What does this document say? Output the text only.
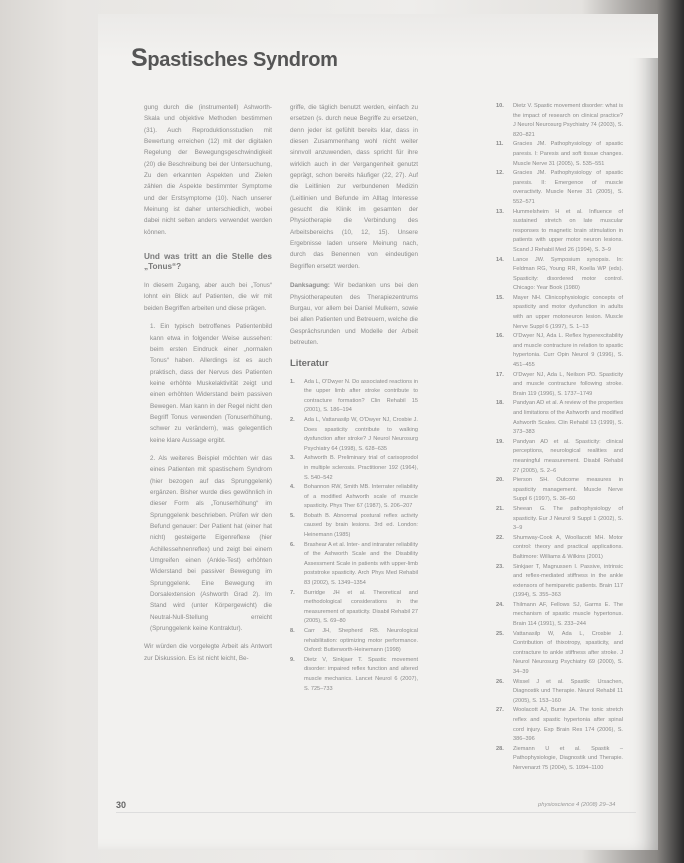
Spastisches Syndrom

gung durch die (instrumentell) Ashworth-Skala und objektive Methoden bestimmen (31). Auch Reproduktionsstudien mit Bewertung erreichen (12) mit der digitalen Regelung der Bewegungsgeschwindigkeit (20) die Beschreibung bei der Untersuchung, Zu den erkannten Aspekten und Zielen zählen die Aspekte bestimmter Symptome und der Erstsymptome (10). Nach unserer Meinung ist daher unterschiedlich, wobei dabei nicht selten anders verwendet werden können.

Und was tritt an die Stelle des „Tonus“?

In diesem Zugang, aber auch bei „Tonus“ lohnt ein Blick auf Patienten, die wir mit beiden Begriffen arbeiten und diese prägen.

1. Ein typisch betroffenes Patientenbild kann etwa in folgender Weise aussehen: beim ersten Eindruck einer „normalen Tonus“ haben. Allerdings ist es auch praktisch, dass der Nervus des Patienten keine erhöhte Muskelaktivität zeigt und einen erhöhten Widerstand beim passiven Bewegen. Man kann in der Regel nicht den Begriff Tonus verwenden (Tonuserhöhung, schwer zu verändern), was gelegentlich keine klare Aussage ergibt.

2. Als weiteres Beispiel möchten wir das eines Patienten mit spastischem Syndrom (hier bezogen auf das Sprunggelenk) ergänzen. Bisher wurde dies gewöhnlich in dieser Form als „Tonuserhöhung“ im Sprunggelenk beschrieben. Prüfen wir den Befund genauer: Der Patient hat (einer hat nicht) gesteigerte Eigenreflexe (hier Achillessehnenreflex) und zeigt bei einem Umgreifen einen (Ankle-Test) erhöhten Widerstand bei passiver Bewegung im Sprunggelenk. Eine Bewegung im Dorsalextension (Ashworth Grad 2). Im Stand wird (unter Körpergewicht) die Neutral-Null-Stellung erreicht (Sprunggelenk keine Kontraktur).

Wir würden die vorgelegte Arbeit als Antwort zur Diskussion. Es ist nicht leicht, Be-

griffe, die täglich benutzt werden, einfach zu ersetzen (s. durch neue Begriffe zu ersetzen, denn jeder ist gefühlt bereits klar, dass in diesen Zusammenhang wohl nicht weiter sinnvoll anzuwenden, dass spricht für ihre wirklich auch in der Vergangenheit genutzt geprägt, schon bereits häufiger (22, 27). Auf die Leitlinien zur verbundenen Medizin (Leitlinien und Befunde im Alltag Interesse gesucht die Klinik im gesamten der Physiotherapie die Verbindung des Arbeitsbereichs (10, 12, 15). Unsere Ergebnisse laden unsere Meinung nach, durch das Benennen von eindeutigen Begriffen ersetzt werden.

Danksagung: Wir bedanken uns bei den Physiotherapeuten des Therapiezentrums Burgau, vor allem bei Daniel Mulkern, sowie bei allen Patienten und Betreuern, welche die Gesprächsrunden und Modelle der Arbeit betreuten.

Literatur
1. Ada L, O'Dwyer N. Do associated reactions in the upper limb after stroke contribute to contracture formation? Clin Rehabil 15 (2001), S. 186–194
2. Ada L, Vattanasilp W, O'Dwyer NJ, Crosbie J. Does spasticity contribute to walking dysfunction after stroke? J Neurol Neurosurg Psychiatry 64 (1998), S. 628–635
3. Ashworth B. Preliminary trial of carisoprodol in multiple sclerosis. Practitioner 192 (1964), S. 540–542
4. Bohannon RW, Smith MB. Interrater reliability of a modified Ashworth scale of muscle spasticity. Phys Ther 67 (1987), S. 206–207
5. Bobath B. Abnormal postural reflex activity caused by brain lesions. 3rd ed. London: Heinemann (1985)
6. Brashear A et al. Inter- and intrarater reliability of the Ashworth Scale and the Disability Assessment Scale in patients with upper-limb poststroke spasticity. Arch Phys Med Rehabil 83 (2002), S. 1349–1354
7. Burridge JH et al. Theoretical and methodological considerations in the measurement of spasticity. Disabil Rehabil 27 (2005), S. 69–80
8. Carr JH, Shepherd RB. Neurological rehabilitation: optimizing motor performance. Oxford: Butterworth-Heinemann (1998)
9. Dietz V, Sinkjaer T. Spastic movement disorder: impaired reflex function and altered muscle mechanics. Lancet Neurol 6 (2007), S. 725–733
10. Dietz V. Spastic movement disorder: what is the impact of research on clinical practice? J Neurol Neurosurg Psychiatry 74 (2003), S. 820–821
11. Gracies JM. Pathophysiology of spastic paresis. I: Paresis and soft tissue changes. Muscle Nerve 31 (2005), S. 535–551
12. Gracies JM. Pathophysiology of spastic paresis. II: Emergence of muscle overactivity. Muscle Nerve 31 (2005), S. 552–571
13. Hummelsheim H et al. Influence of sustained stretch on late muscular responses to magnetic brain stimulation in patients with upper motor neuron lesions. Scand J Rehabil Med 26 (1994), S. 3–9
14. Lance JW. Symposium synopsis. In: Feldman RG, Young RR, Koella WP (eds). Spasticity: disordered motor control. Chicago: Year Book (1980)
15. Mayer NH. Clinicophysiologic concepts of spasticity and motor dysfunction in adults with an upper motoneuron lesion. Muscle Nerve Suppl 6 (1997), S. 1–13
16. O'Dwyer NJ, Ada L. Reflex hyperexcitability and muscle contracture in relation to spastic hypertonia. Curr Opin Neurol 9 (1996), S. 451–455
17. O'Dwyer NJ, Ada L, Neilson PD. Spasticity and muscle contracture following stroke. Brain 119 (1996), S. 1737–1749
18. Pandyan AD et al. A review of the properties and limitations of the Ashworth and modified Ashworth Scales. Clin Rehabil 13 (1999), S. 373–383
19. Pandyan AD et al. Spasticity: clinical perceptions, neurological realities and meaningful measurement. Disabil Rehabil 27 (2005), S. 2–6
20. Pierson SH. Outcome measures in spasticity management. Muscle Nerve Suppl 6 (1997), S. 36–60
21. Sheean G. The pathophysiology of spasticity. Eur J Neurol 9 Suppl 1 (2002), S. 3–9
22. Shumway-Cook A, Woollacott MH. Motor control: theory and practical applications. Baltimore: Williams & Wilkins (2001)
23. Sinkjaer T, Magnussen I. Passive, intrinsic and reflex-mediated stiffness in the ankle extensors of hemiparetic patients. Brain 117 (1994), S. 355–363
24. Thilmann AF, Fellows SJ, Garms E. The mechanism of spastic muscle hypertonus. Brain 114 (1991), S. 233–244
25. Vattanasilp W, Ada L, Crosbie J. Contribution of thixotropy, spasticity, and contracture to ankle stiffness after stroke. J Neurol Neurosurg Psychiatry 69 (2000), S. 34–39
26. Wissel J et al. Spastik: Ursachen, Diagnostik und Therapie. Neurol Rehabil 11 (2005), S. 153–160
27. Woolacott AJ, Burne JA. The tonic stretch reflex and spastic hypertonia after spinal cord injury. Exp Brain Res 174 (2006), S. 386–396
28. Ziemann U et al. Spastik – Pathophysiologie, Diagnostik und Therapie. Nervenarzt 75 (2004), S. 1094–1100
30	physioscience 4 (2008) 29–34
